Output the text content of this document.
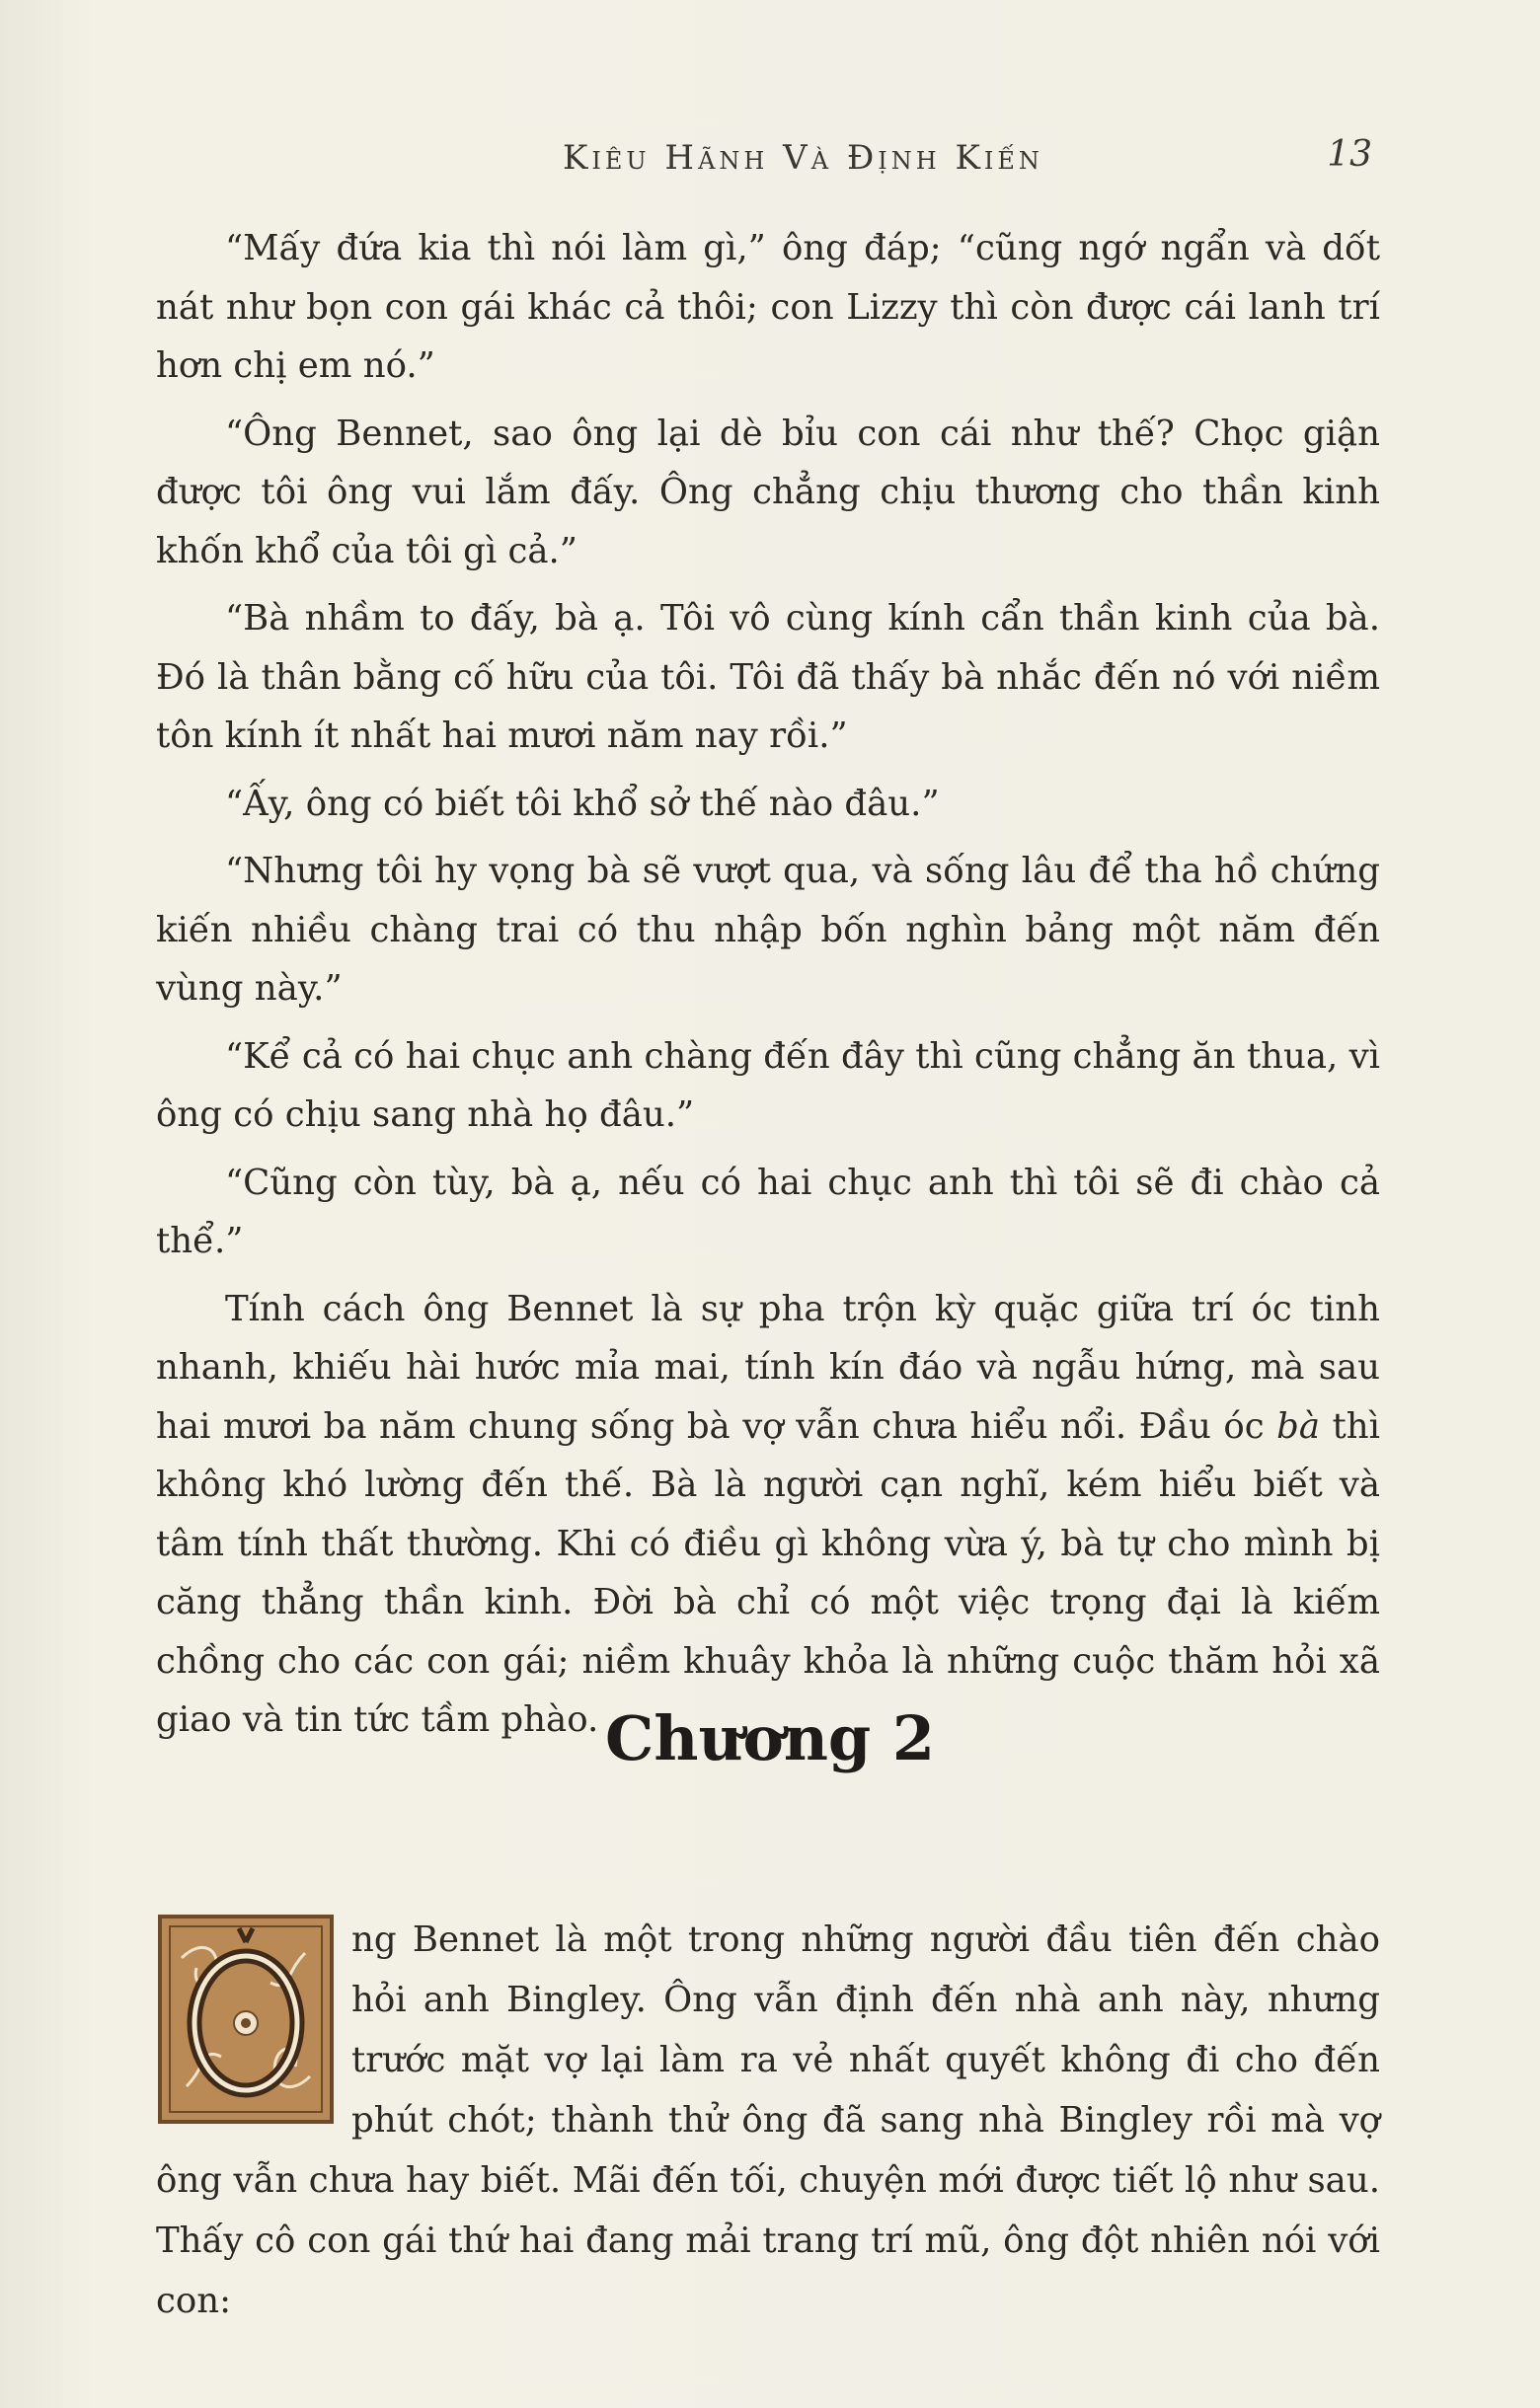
Kiêu Hãnh Và Định Kiến	13

“Mấy đứa kia thì nói làm gì,” ông đáp; “cũng ngớ ngẩn và dốt nát như bọn con gái khác cả thôi; con Lizzy thì còn được cái lanh trí hơn chị em nó.”

“Ông Bennet, sao ông lại dè bỉu con cái như thế? Chọc giận được tôi ông vui lắm đấy. Ông chẳng chịu thương cho thần kinh khốn khổ của tôi gì cả.”

“Bà nhầm to đấy, bà ạ. Tôi vô cùng kính cẩn thần kinh của bà. Đó là thân bằng cố hữu của tôi. Tôi đã thấy bà nhắc đến nó với niềm tôn kính ít nhất hai mươi năm nay rồi.”

“Ấy, ông có biết tôi khổ sở thế nào đâu.”

“Nhưng tôi hy vọng bà sẽ vượt qua, và sống lâu để tha hồ chứng kiến nhiều chàng trai có thu nhập bốn nghìn bảng một năm đến vùng này.”

“Kể cả có hai chục anh chàng đến đây thì cũng chẳng ăn thua, vì ông có chịu sang nhà họ đâu.”

“Cũng còn tùy, bà ạ, nếu có hai chục anh thì tôi sẽ đi chào cả thể.”

Tính cách ông Bennet là sự pha trộn kỳ quặc giữa trí óc tinh nhanh, khiếu hài hước mỉa mai, tính kín đáo và ngẫu hứng, mà sau hai mươi ba năm chung sống bà vợ vẫn chưa hiểu nổi. Đầu óc bà thì không khó lường đến thế. Bà là người cạn nghĩ, kém hiểu biết và tâm tính thất thường. Khi có điều gì không vừa ý, bà tự cho mình bị căng thẳng thần kinh. Đời bà chỉ có một việc trọng đại là kiếm chồng cho các con gái; niềm khuây khỏa là những cuộc thăm hỏi xã giao và tin tức tầm phào. Chương 2

ng Bennet là một trong những người đầu tiên đến chào hỏi anh Bingley. Ông vẫn định đến nhà anh này, nhưng trước mặt vợ lại làm ra vẻ nhất quyết không đi cho đến phút chót; thành thử ông đã sang nhà Bingley rồi mà vợ ông vẫn chưa hay biết. Mãi đến tối, chuyện mới được tiết lộ như sau. Thấy cô con gái thứ hai đang mải trang trí mũ, ông đột nhiên nói với con:
